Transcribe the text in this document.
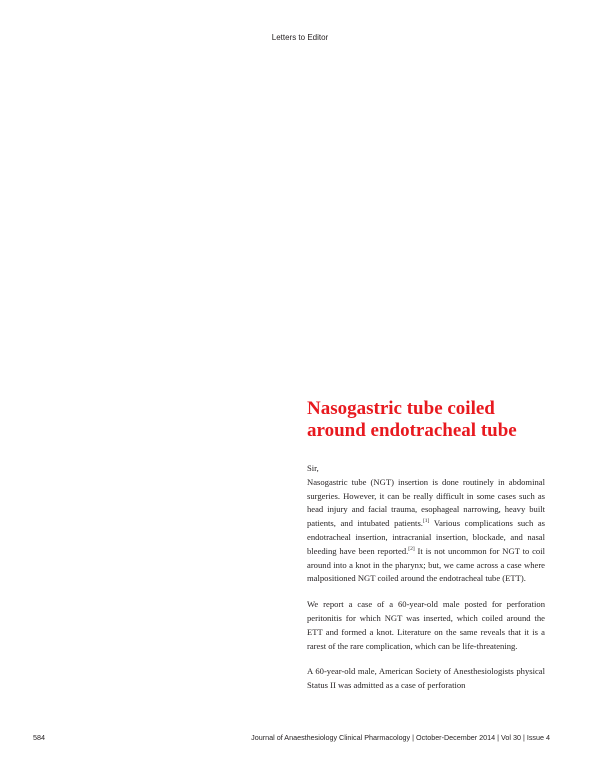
Letters to Editor
Nasogastric tube coiled
around endotracheal tube

Sir,

Nasogastric tube (NGT) insertion is done routinely in abdominal surgeries. However, it can be really difficult in some cases such as head injury and facial trauma, esophageal narrowing, heavy built patients, and intubated patients.[1] Various complications such as endotracheal insertion, intracranial insertion, blockade, and nasal bleeding have been reported.[2] It is not uncommon for NGT to coil around into a knot in the pharynx; but, we came across a case where malpositioned NGT coiled around the endotracheal tube (ETT).

We report a case of a 60-year-old male posted for perforation peritonitis for which NGT was inserted, which coiled around the ETT and formed a knot. Literature on the same reveals that it is a rarest of the rare complication, which can be life-threatening.

A 60-year-old male, American Society of Anesthesiologists physical Status II was admitted as a case of perforation

584	Journal of Anaesthesiology Clinical Pharmacology | October-December 2014 | Vol 30 | Issue 4
